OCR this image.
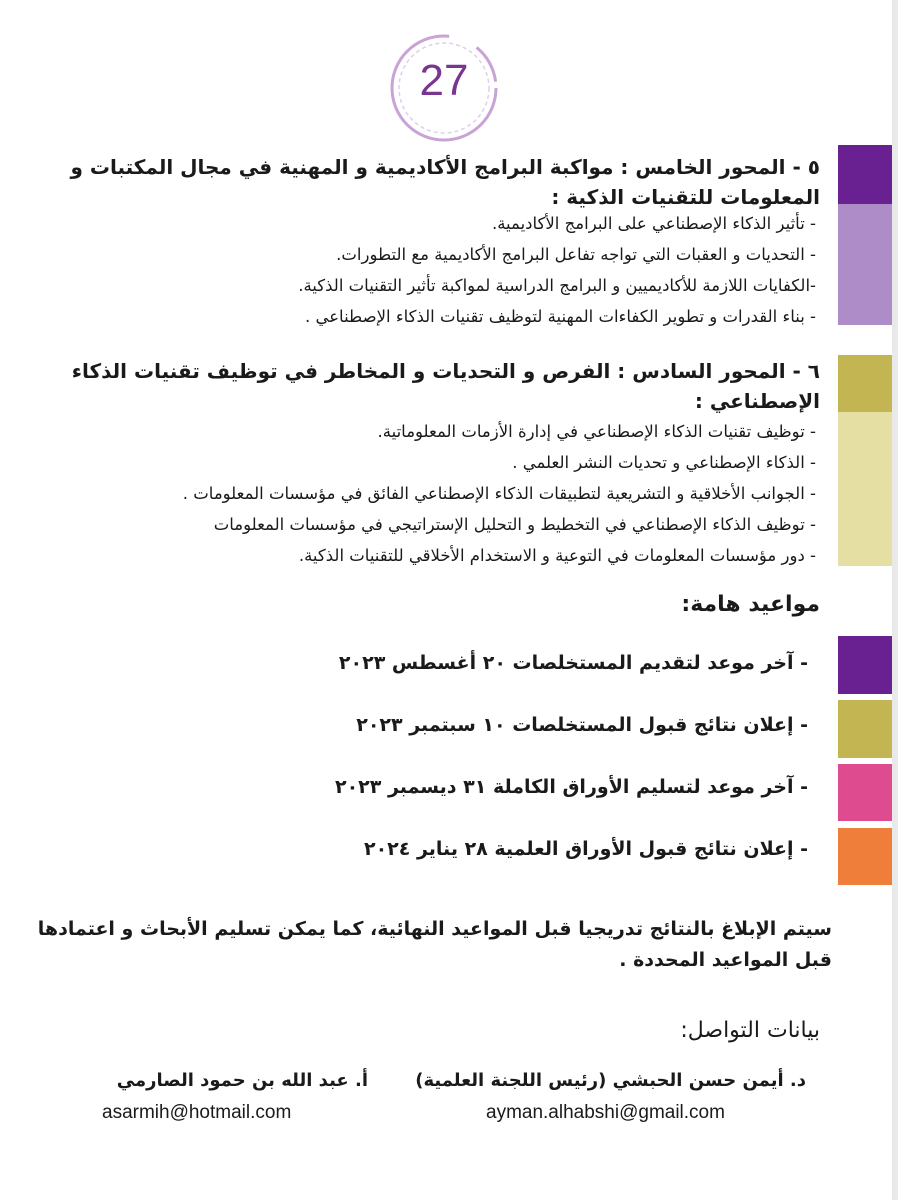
27
٥ - المحور الخامس : مواكبة البرامج الأكاديمية و المهنية في مجال المكتبات و المعلومات للتقنيات الذكية :
- تأثير الذكاء الإصطناعي على البرامج الأكاديمية.
- التحديات و العقبات التي تواجه تفاعل البرامج الأكاديمية مع التطورات.
-الكفايات اللازمة للأكاديميين و البرامج الدراسية لمواكبة تأثير التقنيات الذكية.
- بناء القدرات و تطوير الكفاءات المهنية لتوظيف تقنيات الذكاء الإصطناعي .
٦ - المحور السادس : الفرص و التحديات و المخاطر في توظيف تقنيات الذكاء الإصطناعي :
- توظيف تقنيات الذكاء الإصطناعي في إدارة الأزمات المعلوماتية.
- الذكاء الإصطناعي و تحديات النشر العلمي .
- الجوانب الأخلاقية و التشريعية لتطبيقات الذكاء الإصطناعي الفائق في مؤسسات المعلومات .
- توظيف الذكاء الإصطناعي في التخطيط و التحليل الإستراتيجي في مؤسسات المعلومات
- دور مؤسسات المعلومات في التوعية و الاستخدام الأخلاقي للتقنيات الذكية.
مواعيد هامة:
- آخر موعد لتقديم المستخلصات ٢٠ أغسطس ٢٠٢٣
- إعلان نتائج قبول المستخلصات ١٠ سبتمبر ٢٠٢٣
- آخر موعد لتسليم الأوراق الكاملة ٣١ ديسمبر ٢٠٢٣
- إعلان نتائج قبول الأوراق العلمية ٢٨ يناير ٢٠٢٤

سيتم الإبلاغ بالنتائج تدريجيا قبل المواعيد النهائية، كما يمكن تسليم الأبحاث و اعتمادها قبل المواعيد المحددة .

بيانات التواصل:
د. أيمن حسن الحبشي (رئيس اللجنة العلمية)
ayman.alhabshi@gmail.com
أ. عبد الله بن حمود الصارمي
asarmih@hotmail.com
